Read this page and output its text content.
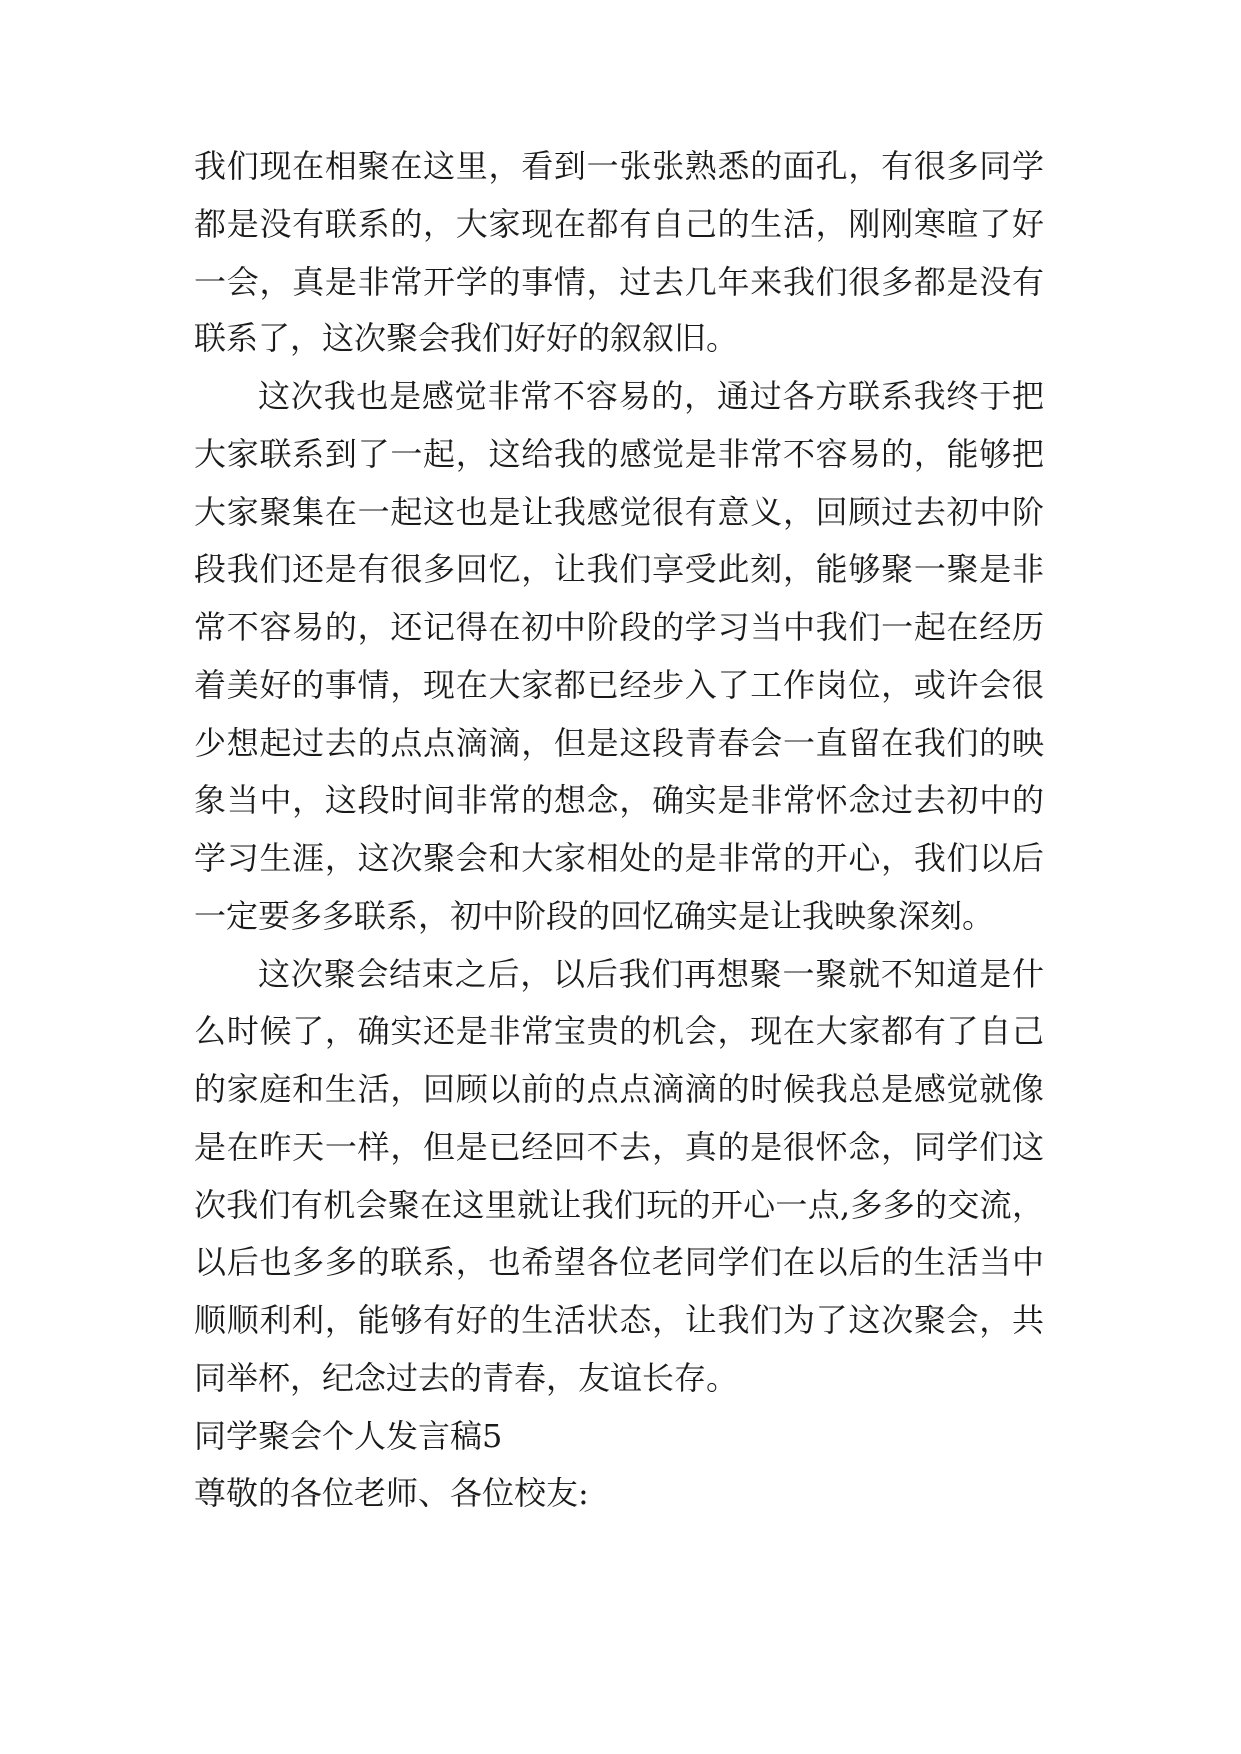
我们现在相聚在这里，看到一张张熟悉的面孔，有很多同学
都是没有联系的，大家现在都有自己的生活，刚刚寒暄了好
一会，真是非常开学的事情，过去几年来我们很多都是没有
联系了，这次聚会我们好好的叙叙旧。
这次我也是感觉非常不容易的，通过各方联系我终于把
大家联系到了一起，这给我的感觉是非常不容易的，能够把
大家聚集在一起这也是让我感觉很有意义，回顾过去初中阶
段我们还是有很多回忆，让我们享受此刻，能够聚一聚是非
常不容易的，还记得在初中阶段的学习当中我们一起在经历
着美好的事情，现在大家都已经步入了工作岗位，或许会很
少想起过去的点点滴滴，但是这段青春会一直留在我们的映
象当中，这段时间非常的想念，确实是非常怀念过去初中的
学习生涯，这次聚会和大家相处的是非常的开心，我们以后
一定要多多联系，初中阶段的回忆确实是让我映象深刻。
这次聚会结束之后，以后我们再想聚一聚就不知道是什
么时候了，确实还是非常宝贵的机会，现在大家都有了自己
的家庭和生活，回顾以前的点点滴滴的时候我总是感觉就像
是在昨天一样，但是已经回不去，真的是很怀念，同学们这
次我们有机会聚在这里就让我们玩的开心一点,多多的交流，
以后也多多的联系，也希望各位老同学们在以后的生活当中
顺顺利利，能够有好的生活状态，让我们为了这次聚会，共
同举杯，纪念过去的青春，友谊长存。
同学聚会个人发言稿5
尊敬的各位老师、各位校友:
